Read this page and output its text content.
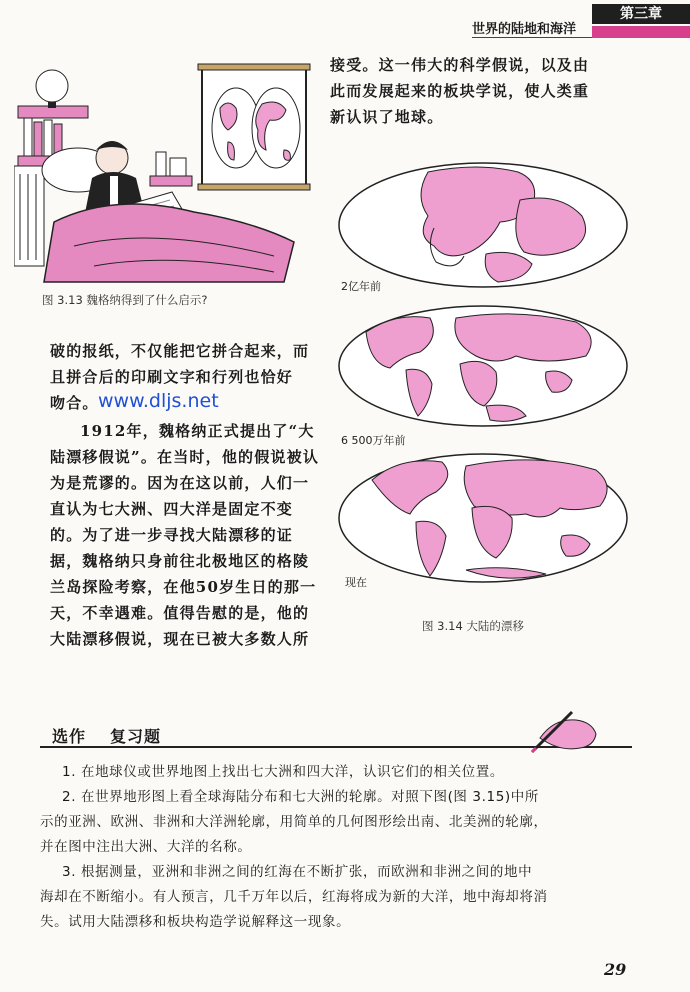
世界的陆地和海洋
第三章
图 3.13 魏格纳得到了什么启示?
接受。这一伟大的科学假说，以及由
此而发展起来的板块学说，使人类重
新认识了地球。
2亿年前
6 500万年前
现在
图 3.14 大陆的漂移
破的报纸，不仅能把它拼合起来，而
且拼合后的印刷文字和行列也恰好
吻合。 www.dljs.net
1912年，魏格纳正式提出了“大
陆漂移假说”。在当时，他的假说被认
为是荒谬的。因为在这以前，人们一
直认为七大洲、四大洋是固定不变
的。为了进一步寻找大陆漂移的证
据，魏格纳只身前往北极地区的格陵
兰岛探险考察，在他50岁生日的那一
天，不幸遇难。值得告慰的是，他的
大陆漂移假说，现在已被大多数人所
选作 复习题
1. 在地球仪或世界地图上找出七大洲和四大洋，认识它们的相关位置。
2. 在世界地形图上看全球海陆分布和七大洲的轮廓。对照下图(图 3.15)中所
示的亚洲、欧洲、非洲和大洋洲轮廓，用简单的几何图形绘出南、北美洲的轮廓，
并在图中注出大洲、大洋的名称。
3. 根据测量，亚洲和非洲之间的红海在不断扩张，而欧洲和非洲之间的地中
海却在不断缩小。有人预言，几千万年以后，红海将成为新的大洋，地中海却将消
失。试用大陆漂移和板块构造学说解释这一现象。
29
